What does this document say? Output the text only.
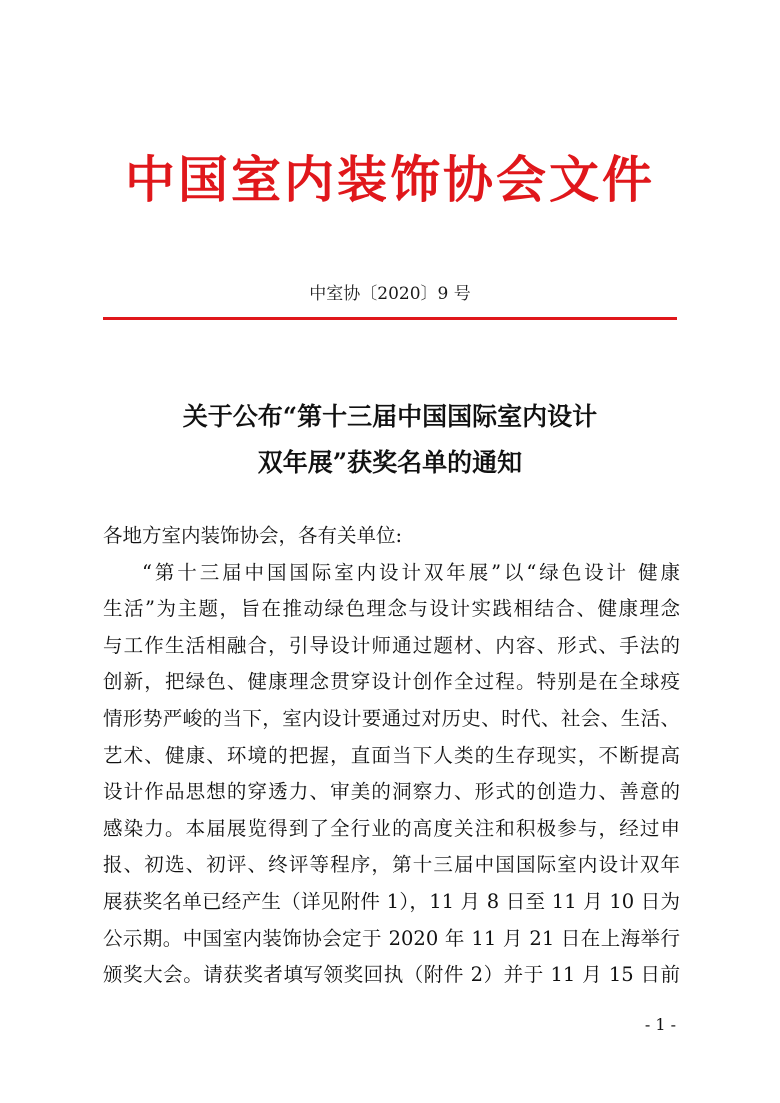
中国室内装饰协会文件
中室协〔2020〕9 号
关于公布“第十三届中国国际室内设计
双年展”获奖名单的通知
各地方室内装饰协会，各有关单位:
“第十三届中国国际室内设计双年展”以“绿色设计 健康
生活”为主题，旨在推动绿色理念与设计实践相结合、健康理念
与工作生活相融合，引导设计师通过题材、内容、形式、手法的
创新，把绿色、健康理念贯穿设计创作全过程。特别是在全球疫
情形势严峻的当下，室内设计要通过对历史、时代、社会、生活、
艺术、健康、环境的把握，直面当下人类的生存现实，不断提高
设计作品思想的穿透力、审美的洞察力、形式的创造力、善意的
感染力。本届展览得到了全行业的高度关注和积极参与，经过申
报、初选、初评、终评等程序，第十三届中国国际室内设计双年
展获奖名单已经产生（详见附件 1），11 月 8 日至 11 月 10 日为
公示期。中国室内装饰协会定于 2020 年 11 月 21 日在上海举行
颁奖大会。请获奖者填写领奖回执（附件 2）并于 11 月 15 日前
- 1 -
